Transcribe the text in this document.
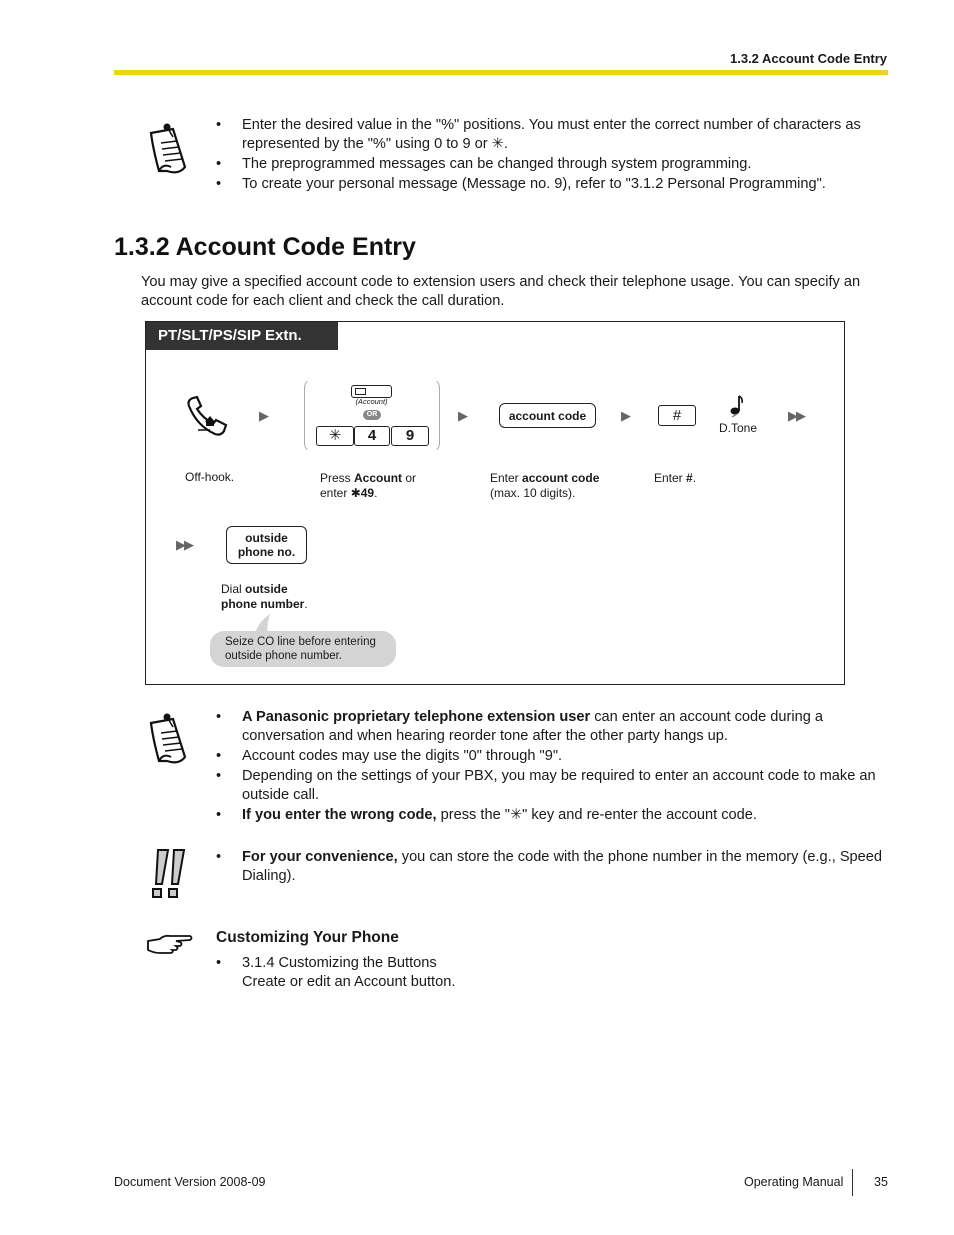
1.3.2 Account Code Entry
• Enter the desired value in the "%" positions. You must enter the correct number of characters as represented by the "%" using 0 to 9 or ✳.
• The preprogrammed messages can be changed through system programming.
• To create your personal message (Message no. 9), refer to "3.1.2 Personal Programming".
1.3.2 Account Code Entry
You may give a specified account code to extension users and check their telephone usage. You can specify an account code for each client and check the call duration.
PT/SLT/PS/SIP Extn.
▶
(Account)
OR
✳	4	9
▶	account code	▶	#
D.Tone
▶▶
Off-hook.	Press Account or
enter ✱49.
Enter account code
(max. 10 digits).
Enter #.
▶▶	outside
phone no.
Dial outside
phone number.
Seize CO line before entering
outside phone number.
• A Panasonic proprietary telephone extension user can enter an account code during a conversation and when hearing reorder tone after the other party hangs up.
• Account codes may use the digits "0" through "9".
• Depending on the settings of your PBX, you may be required to enter an account code to make an outside call.
• If you enter the wrong code, press the "✳" key and re-enter the account code.
• For your convenience, you can store the code with the phone number in the memory (e.g., Speed Dialing).
Customizing Your Phone
• 3.1.4 Customizing the Buttons
Create or edit an Account button.
Document Version 2008-09	Operating Manual 35
